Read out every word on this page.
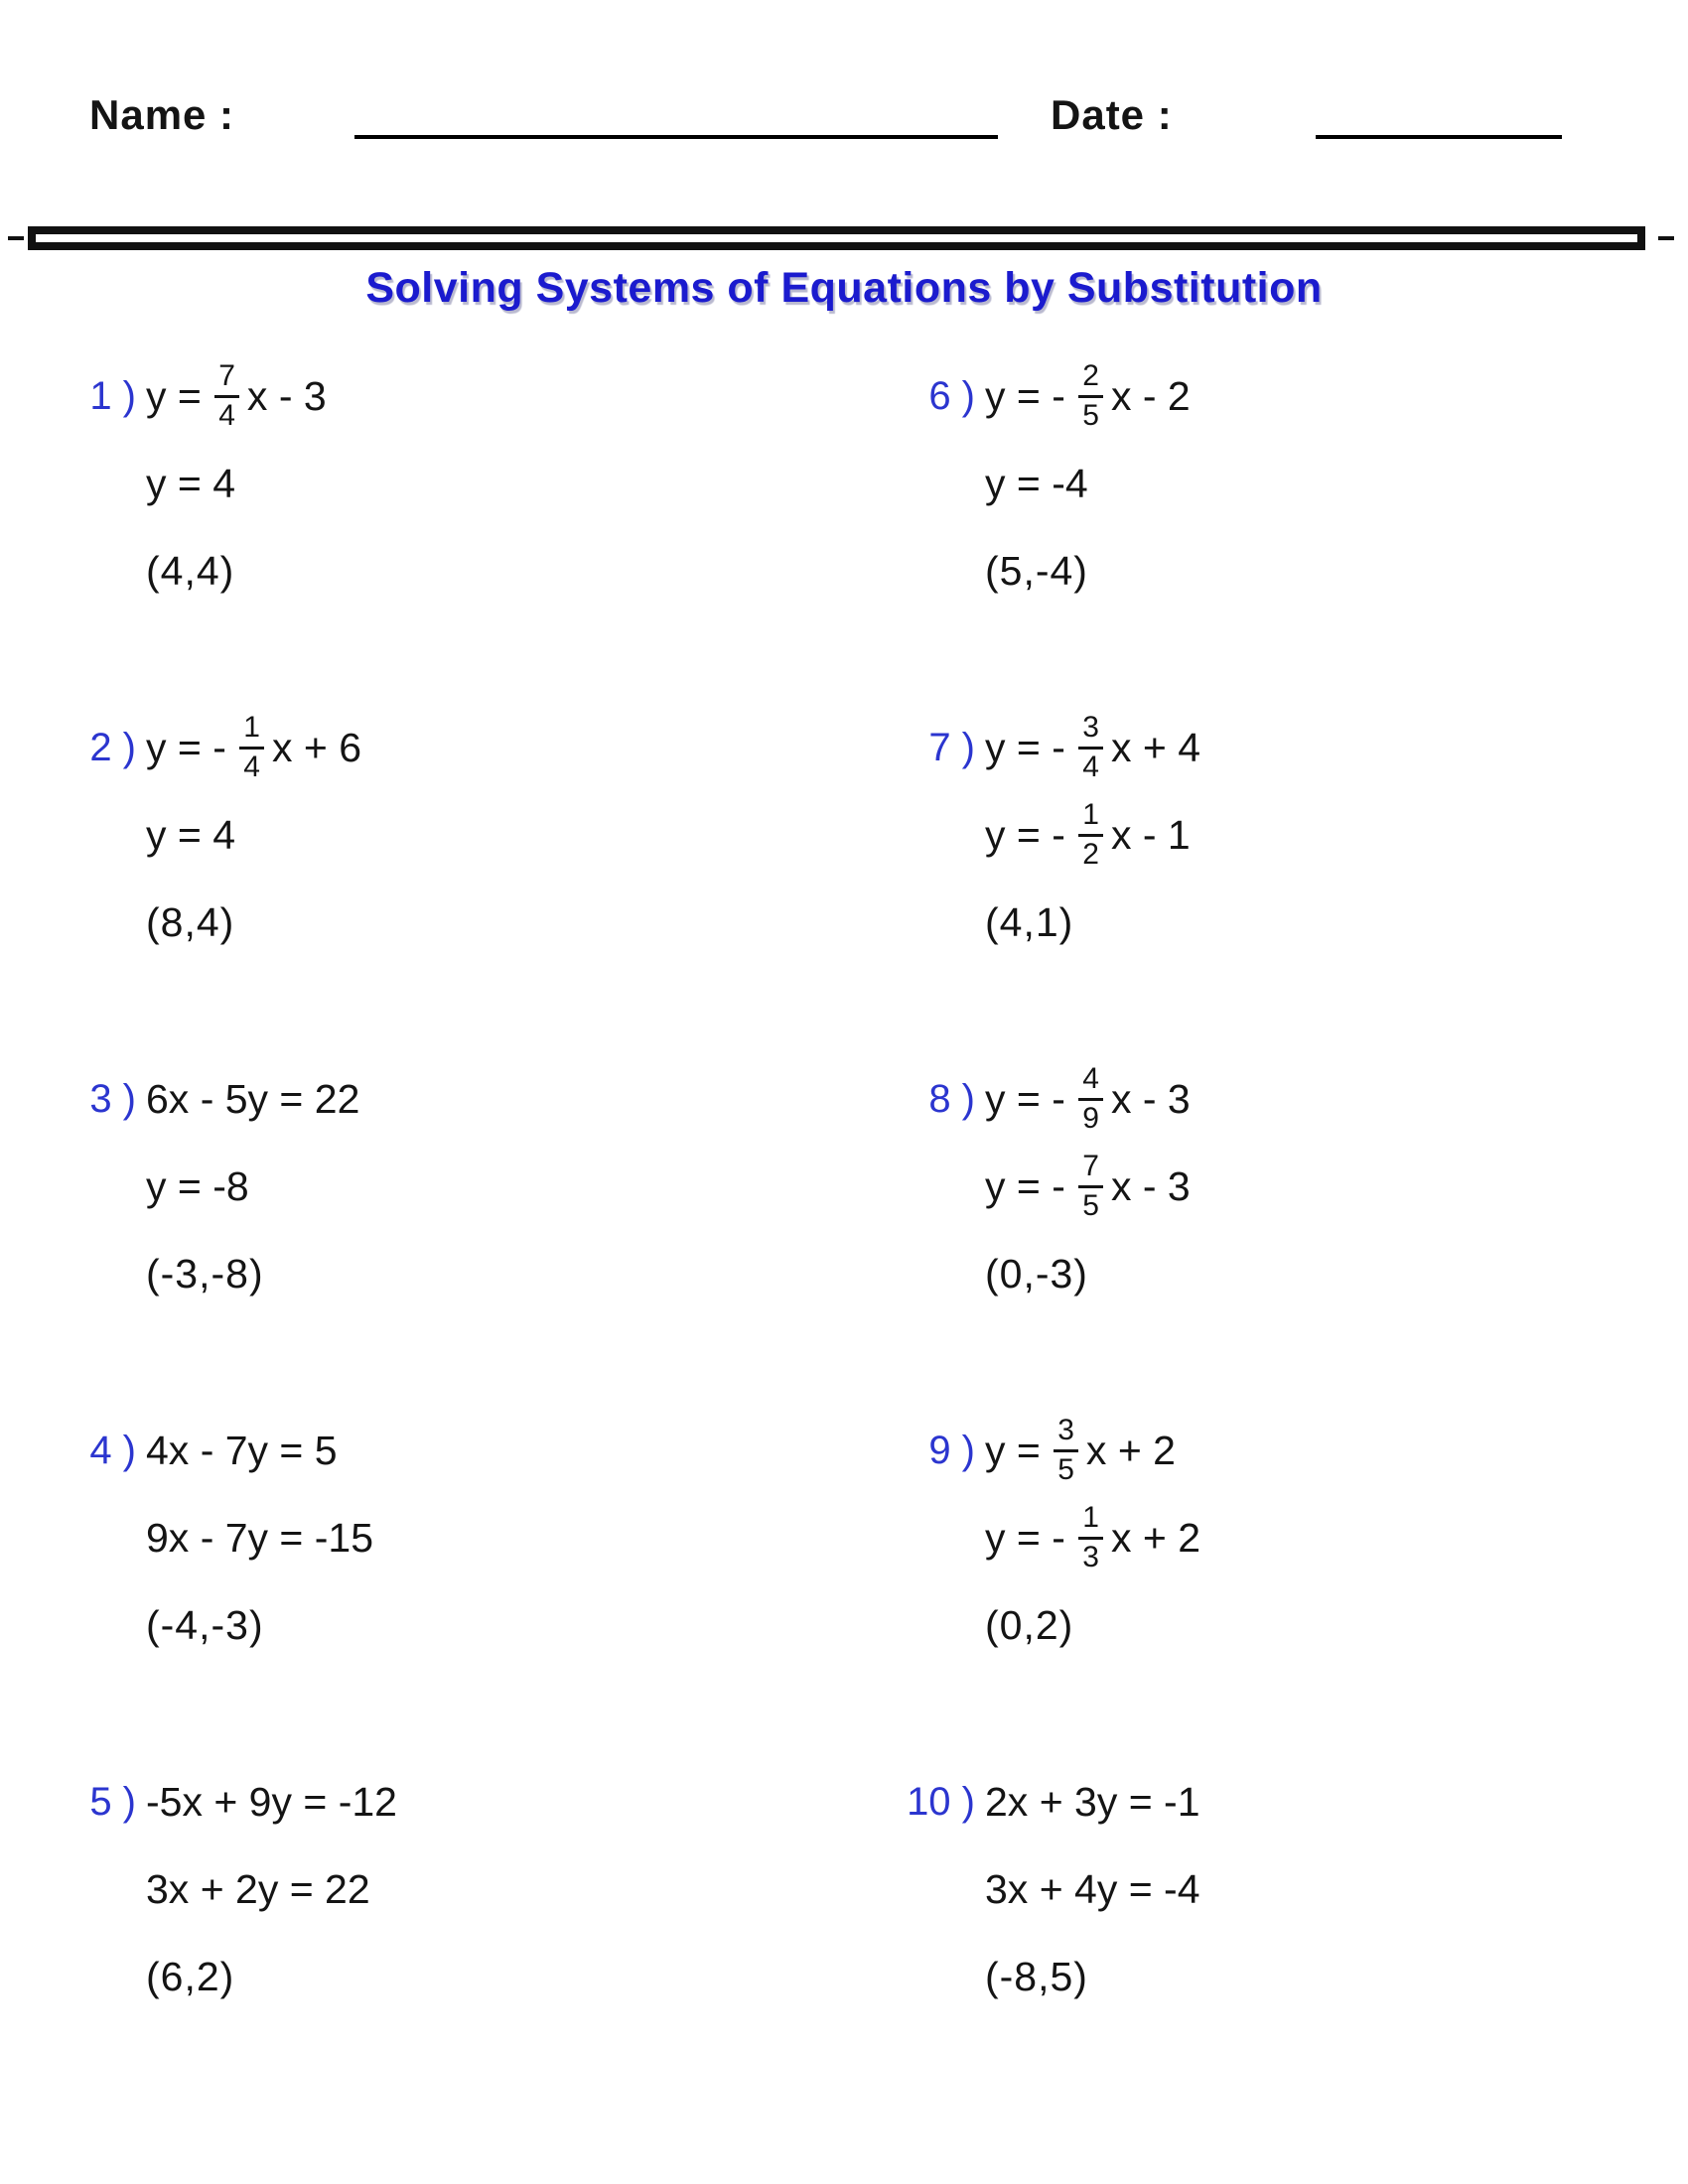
Name :	Date :
Solving Systems of Equations by Substitution
1 ) $y = \frac{7}{4}$ x - 3
y = 4
(4,4)
2 ) y = - $\frac{1}{4}$ x + 6
y = 4
(8,4)
3 ) 6x - 5y = 22
y = -8
(-3,-8)
4 ) 4x - 7y = 5
9x - 7y = -15
(-4,-3)
5 ) -5x + 9y = -12
3x + 2y = 22
(6,2)
6 ) y = - $\frac{2}{5}$ x - 2
y = -4
(5,-4)
7 ) y = - $\frac{3}{4}$ x + 4
y = - $\frac{1}{2}$ x - 1
(4,1)
8 ) y = - $\frac{4}{9}$ x - 3
y = - $\frac{7}{5}$ x - 3
(0,-3)
9 ) $y = \frac{3}{5}$ x + 2
y = - $\frac{1}{3}$ x + 2
(0,2)
10 ) 2x + 3y = -1
3x + 4y = -4
(-8,5)
